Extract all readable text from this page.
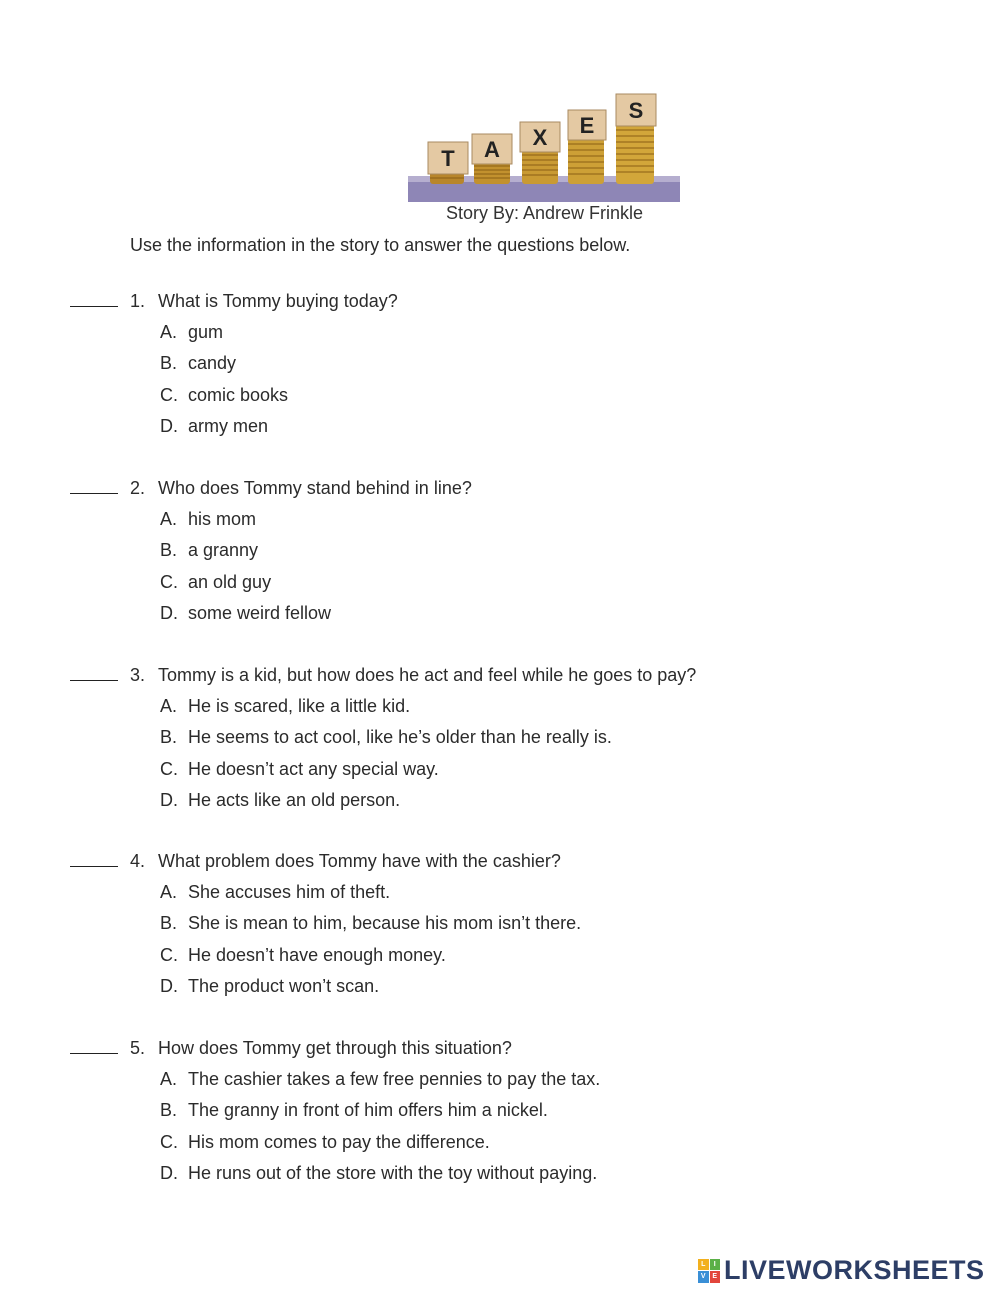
T A X E
S
Story By: Andrew Frinkle
Use the information in the story to answer the questions below.
1. What is Tommy buying today?
A. gum
B. candy
C. comic books
D. army men
2. Who does Tommy stand behind in line?
A. his mom
B. a granny
C. an old guy
D. some weird fellow
3. Tommy is a kid, but how does he act and feel while he goes to pay?
A. He is scared, like a little kid.
B. He seems to act cool, like he’s older than he really is.
C. He doesn’t act any special way.
D. He acts like an old person.
4. What problem does Tommy have with the cashier?
A. She accuses him of theft.
B. She is mean to him, because his mom isn’t there.
C. He doesn’t have enough money.
D. The product won’t scan.
5. How does Tommy get through this situation?
A. The cashier takes a few free pennies to pay the tax.
B. The granny in front of him offers him a nickel.
C. His mom comes to pay the difference.
D. He runs out of the store with the toy without paying.
L	I
V E LIVEWORKSHEETS
